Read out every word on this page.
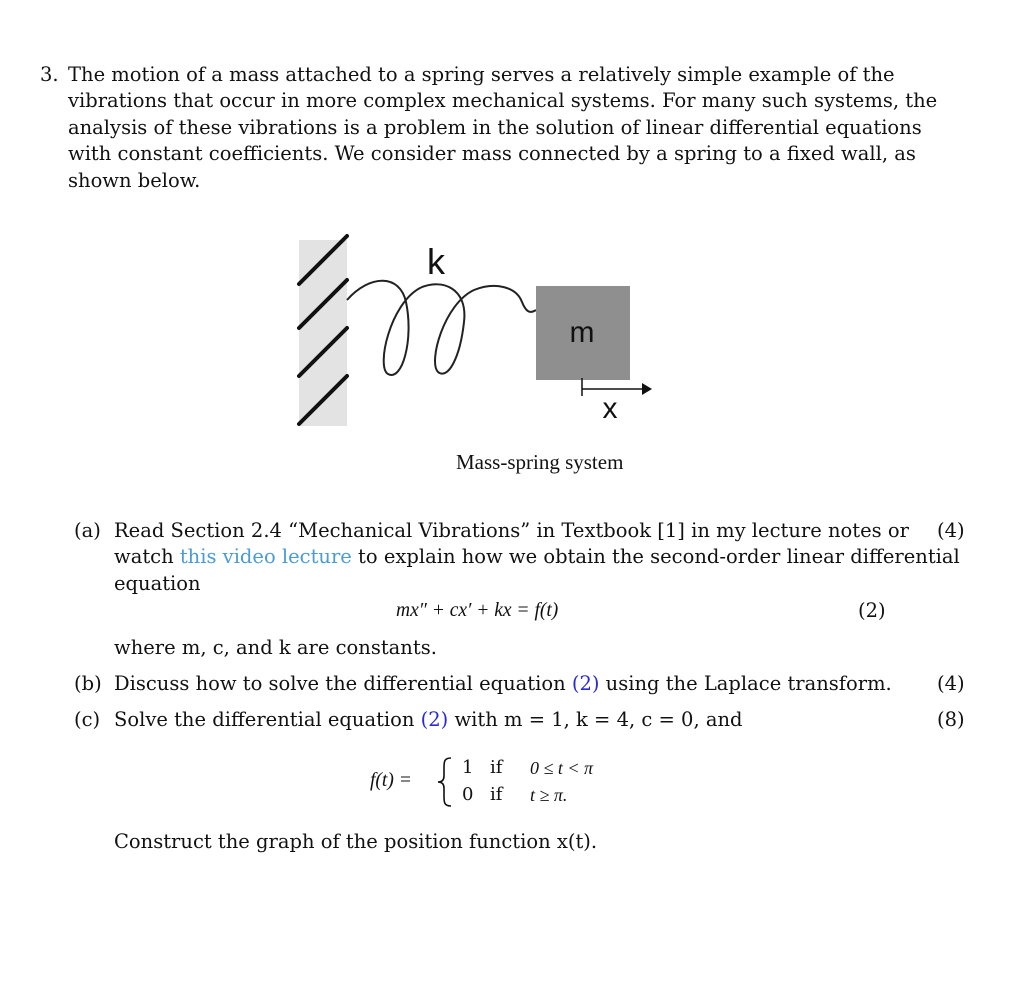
3. The motion of a mass attached to a spring serves a relatively simple example of the
vibrations that occur in more complex mechanical systems. For many such systems, the
analysis of these vibrations is a problem in the solution of linear differential equations
with constant coefficients. We consider mass connected by a spring to a fixed wall, as
shown below.
k
m
x
Mass-spring system
(a) Read Section 2.4 “Mechanical Vibrations” in Textbook [1] in my lecture notes or (4)
watch this video lecture to explain how we obtain the second-order linear differential
equation
mx″ + cx′ + kx = f(t)	(2)
where m, c, and k are constants.
(b) Discuss how to solve the differential equation (2) using the Laplace transform. (4)
(c) Solve the differential equation (2) with m = 1, k = 4, c = 0, and	(8)
f(t) =
1 if 0 ≤ t < π
0 if t ≥ π.
Construct the graph of the position function x(t).
